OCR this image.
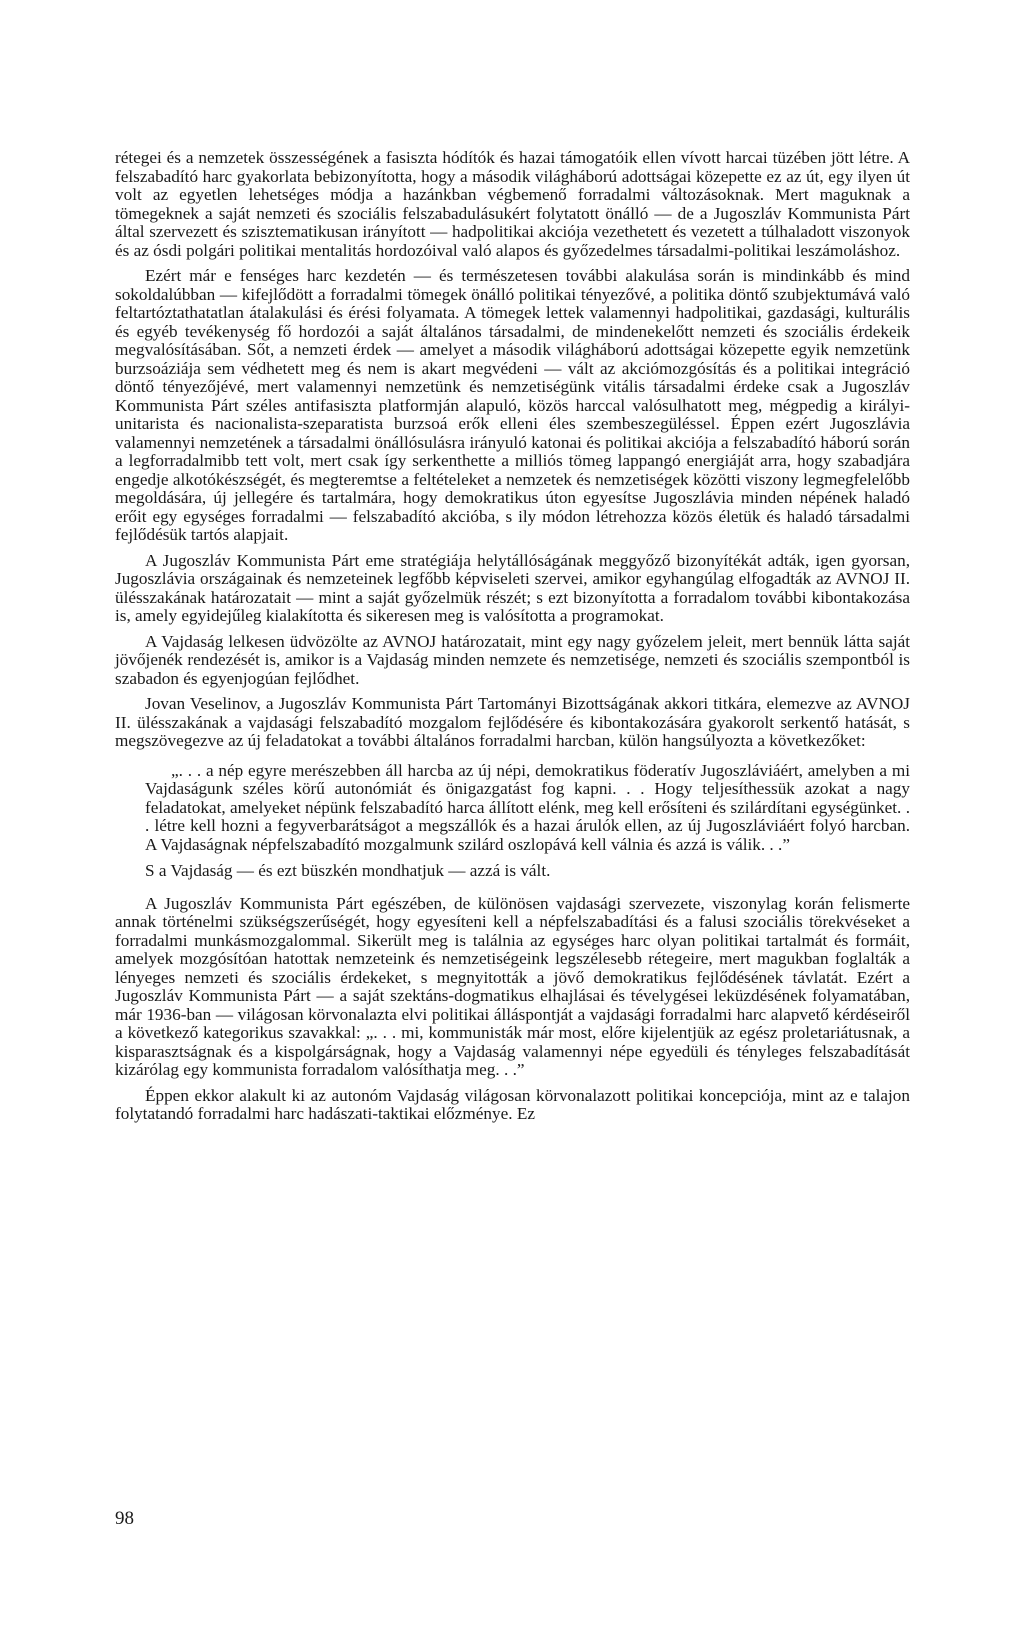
rétegei és a nemzetek összességének a fasiszta hódítók és hazai támogatóik ellen vívott harcai tüzében jött létre. A felszabadító harc gyakorlata bebizonyította, hogy a második világháború adottságai közepette ez az út, egy ilyen út volt az egyetlen lehetséges módja a hazánkban végbemenő forradalmi változásoknak. Mert maguknak a tömegeknek a saját nemzeti és szociális felszabadulásukért folytatott önálló — de a Jugoszláv Kommunista Párt által szervezett és szisztematikusan irányított — hadpolitikai akciója vezethetett és vezetett a túlhaladott viszonyok és az ósdi polgári politikai mentalitás hordozóival való alapos és győzedelmes társadalmi-politikai leszámoláshoz.

Ezért már e fenséges harc kezdetén — és természetesen további alakulása során is mindinkább és mind sokoldalúbban — kifejlődött a forradalmi tömegek önálló politikai tényezővé, a politika döntő szubjektumává való feltartóztathatatlan átalakulási és érési folyamata. A tömegek lettek valamennyi hadpolitikai, gazdasági, kulturális és egyéb tevékenység fő hordozói a saját általános társadalmi, de mindenekelőtt nemzeti és szociális érdekeik megvalósításában. Sőt, a nemzeti érdek — amelyet a második világháború adottságai közepette egyik nemzetünk burzsoáziája sem védhetett meg és nem is akart megvédeni — vált az akciómozgósítás és a politikai integráció döntő tényezőjévé, mert valamennyi nemzetünk és nemzetiségünk vitális társadalmi érdeke csak a Jugoszláv Kommunista Párt széles antifasiszta platformján alapuló, közös harccal valósulhatott meg, mégpedig a királyi-unitarista és nacionalista-szeparatista burzsoá erők elleni éles szembeszegüléssel. Éppen ezért Jugoszlávia valamennyi nemzetének a társadalmi önállósulásra irányuló katonai és politikai akciója a felszabadító háború során a legforradalmibb tett volt, mert csak így serkenthette a milliós tömeg lappangó energiáját arra, hogy szabadjára engedje alkotókészségét, és megteremtse a feltételeket a nemzetek és nemzetiségek közötti viszony legmegfelelőbb megoldására, új jellegére és tartalmára, hogy demokratikus úton egyesítse Jugoszlávia minden népének haladó erőit egy egységes forradalmi — felszabadító akcióba, s ily módon létrehozza közös életük és haladó társadalmi fejlődésük tartós alapjait.

A Jugoszláv Kommunista Párt eme stratégiája helytállóságának meggyőző bizonyítékát adták, igen gyorsan, Jugoszlávia országainak és nemzeteinek legfőbb képviseleti szervei, amikor egyhangúlag elfogadták az AVNOJ II. ülésszakának határozatait — mint a saját győzelmük részét; s ezt bizonyította a forradalom további kibontakozása is, amely egyidejűleg kialakította és sikeresen meg is valósította a programokat.

A Vajdaság lelkesen üdvözölte az AVNOJ határozatait, mint egy nagy győzelem jeleit, mert bennük látta saját jövőjenék rendezését is, amikor is a Vajdaság minden nemzete és nemzetisége, nemzeti és szociális szempontból is szabadon és egyenjogúan fejlődhet.

Jovan Veselinov, a Jugoszláv Kommunista Párt Tartományi Bizottságának akkori titkára, elemezve az AVNOJ II. ülésszakának a vajdasági felszabadító mozgalom fejlődésére és kibontakozására gyakorolt serkentő hatását, s megszövegezve az új feladatokat a további általános forradalmi harcban, külön hangsúlyozta a következőket:

„. . . a nép egyre merészebben áll harcba az új népi, demokratikus föderatív Jugoszláviáért, amelyben a mi Vajdaságunk széles körű autonómiát és önigazgatást fog kapni. . . Hogy teljesíthessük azokat a nagy feladatokat, amelyeket népünk felszabadító harca állított elénk, meg kell erősíteni és szilárdítani egységünket. . . létre kell hozni a fegyverbarátságot a megszállók és a hazai árulók ellen, az új Jugoszláviáért folyó harcban. A Vajdaságnak népfelszabadító mozgalmunk szilárd oszlopává kell válnia és azzá is válik. . .”

S a Vajdaság — és ezt büszkén mondhatjuk — azzá is vált.

A Jugoszláv Kommunista Párt egészében, de különösen vajdasági szervezete, viszonylag korán felismerte annak történelmi szükségszerűségét, hogy egyesíteni kell a népfelszabadítási és a falusi szociális törekvéseket a forradalmi munkásmozgalommal. Sikerült meg is találnia az egységes harc olyan politikai tartalmát és formáit, amelyek mozgósítóan hatottak nemzeteink és nemzetiségeink legszélesebb rétegeire, mert magukban foglalták a lényeges nemzeti és szociális érdekeket, s megnyitották a jövő demokratikus fejlődésének távlatát. Ezért a Jugoszláv Kommunista Párt — a saját szektáns-dogmatikus elhajlásai és tévelygései leküzdésének folyamatában, már 1936-ban — világosan körvonalazta elvi politikai álláspontját a vajdasági forradalmi harc alapvető kérdéseiről a következő kategorikus szavakkal: „. . . mi, kommunisták már most, előre kijelentjük az egész proletariátusnak, a kisparasztságnak és a kispolgárságnak, hogy a Vajdaság valamennyi népe egyedüli és tényleges felszabadítását kizárólag egy kommunista forradalom valósíthatja meg. . .”

Éppen ekkor alakult ki az autonóm Vajdaság világosan körvonalazott politikai koncepciója, mint az e talajon folytatandó forradalmi harc hadászati-taktikai előzménye. Ez

98
